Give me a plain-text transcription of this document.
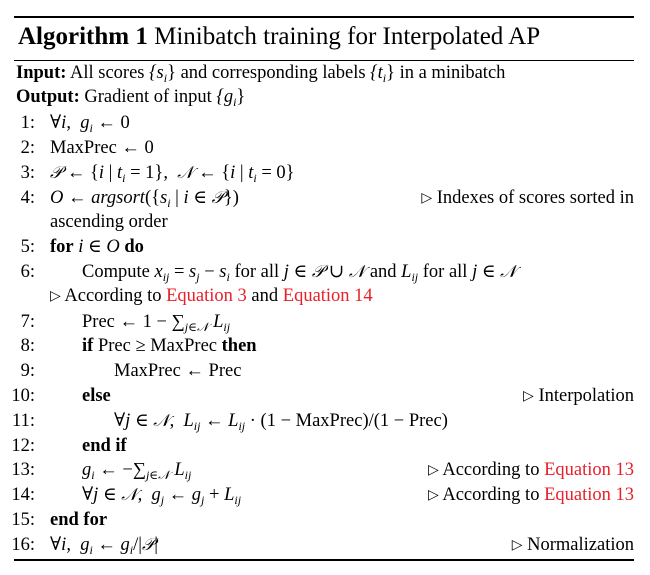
Algorithm 1 Minibatch training for Interpolated AP
Input: All scores $\{s_i\}$ and corresponding labels $\{t_i\}$ in a minibatch
Output: Gradient of input $\{g_i\}$
1: ∀i,  $g_i$ ← 0
2: MaxPrec ← 0
3: 𝒫 ← {i | $t_i = 1$},  𝒩 ← {i | $t_i = 0$}
4: O ← $argsort(\{s_i$ | i ∈ 𝒫})	▷ Indexes of scores sorted in
ascending order
5: for i ∈ O do
6:	Compute $x_{ij} = s_j - s_i$ for all j ∈ 𝒫 ∪ 𝒩 and $L_{ij}$ for all j ∈ 𝒩
▷ According to Equation 3 and Equation 14
7:	Prec ← $1 - \sum_{j\in 𝒩}$ $L_{ij}$
8:	if Prec ≥ MaxPrec then
9:	MaxPrec ← Prec
10:	else	▷ Interpolation
11:	∀j ∈ 𝒩,  $L_{ij}$ ← $L_{ij} \cdot (1$ − MaxPrec)/(1 − Prec)
12:	end if
13:	$g_i$ ← $-\sum_{j\in 𝒩}$ $L_{ij}$	▷ According to Equation 13
14:	∀j ∈ 𝒩,  $g_j$ ← $g_j + L_{ij}$	▷ According to Equation 13
15: end for
16: ∀i,  $g_i$ ← $g_i/|𝒫|$	▷ Normalization
